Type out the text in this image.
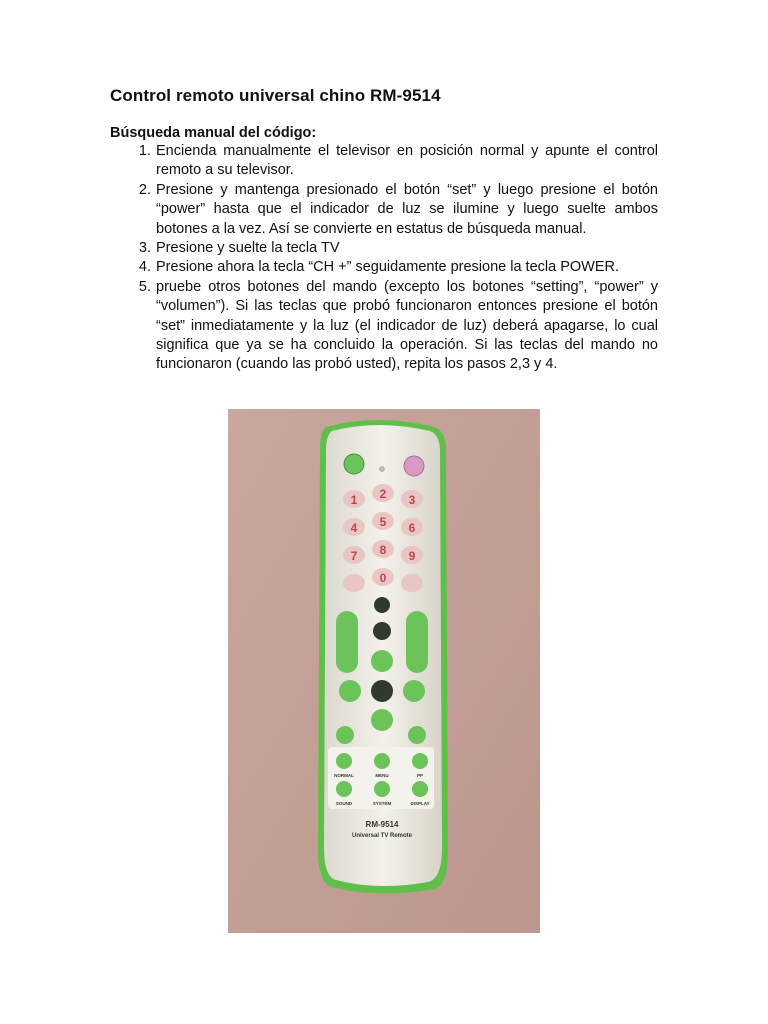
Control remoto universal chino RM-9514
Búsqueda manual del código:
1. Encienda manualmente el televisor en posición normal y apunte el control remoto a su televisor.
2. Presione y mantenga presionado el botón “set” y luego presione el botón “power” hasta que el indicador de luz se ilumine y luego suelte ambos botones a la vez. Así se convierte en estatus de búsqueda manual.
3. Presione y suelte la tecla TV
4. Presione ahora la tecla “CH +” seguidamente presione la tecla POWER.
5. pruebe otros botones del mando (excepto los botones “setting”, “power” y “volumen”). Si las teclas que probó funcionaron entonces presione el botón “set” inmediatamente y la luz (el indicador de luz) deberá apagarse, lo cual significa que ya se ha concluido la operación. Si las teclas del mando no funcionaron (cuando las probó usted), repita los pasos 2,3 y 4.
1	3
4 5 6
7 8 9
0
NORMAL	MENU	PP
SOUND	SYSTEM	DISPLAY
RM-9514
Universal TV Remote
2
